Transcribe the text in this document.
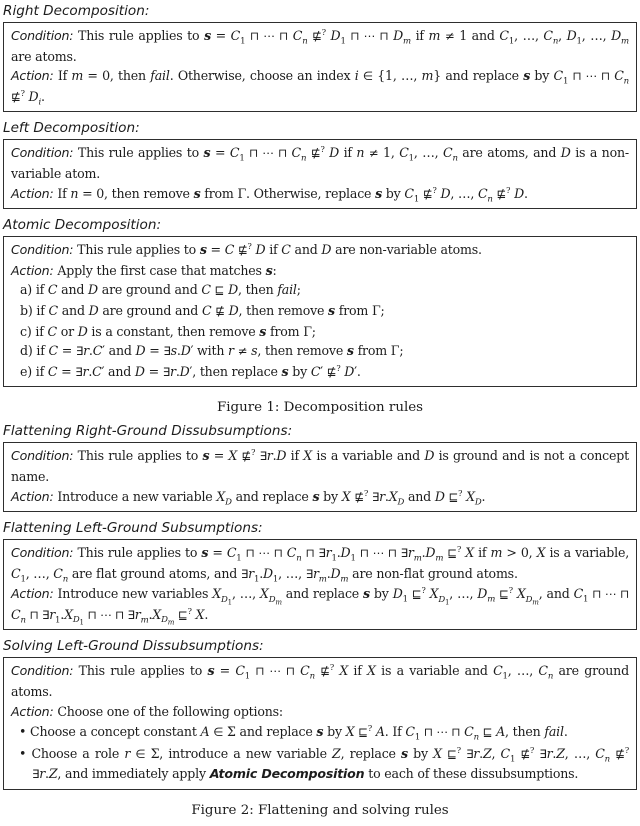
Right Decomposition:
Condition: This rule applies to $s = C_1$ ⊓ ⋯ ⊓ $C_n$ ⋢? $D_1$ ⊓ ⋯ ⊓ $D_m$ if m ≠ 1 and $C_1$, …, $C_n$, $D_1$, …, $D_m$ are atoms.
Action: If m = 0, then fail. Otherwise, choose an index i ∈ {1, …, m} and replace s by $C_1$ ⊓ ⋯ ⊓ $C_n$ ⋢? $D_i$.
Left Decomposition:
Condition: This rule applies to $s = C_1$ ⊓ ⋯ ⊓ $C_n$ ⋢? D if n ≠ 1, $C_1$, …, $C_n$ are atoms, and D is a non-variable atom.
Action: If n = 0, then remove s from Γ. Otherwise, replace s by $C_1$ ⋢? D, …, $C_n$ ⋢? D.
Atomic Decomposition:
Condition: This rule applies to s = C ⋢? D if C and D are non-variable atoms.
Action: Apply the first case that matches s:
a) if C and D are ground and C ⊑ D, then fail;
b) if C and D are ground and C ⋢ D, then remove s from Γ;
c) if C or D is a constant, then remove s from Γ;
d) if C = ∃r.C′ and D = ∃s.D′ with r ≠ s, then remove s from Γ;
e) if C = ∃r.C′ and D = ∃r.D′, then replace s by C′ ⋢? D′.
Figure 1: Decomposition rules
Flattening Right-Ground Dissubsumptions:
Condition: This rule applies to s = X ⋢? ∃r.D if X is a variable and D is ground and is not a concept name.
Action: Introduce a new variable $X_D$ and replace s by X ⋢? $\exists r.X_D$ and D ⊑? $X_D$.
Flattening Left-Ground Subsumptions:
Condition: This rule applies to $s = C_1$ ⊓ ⋯ ⊓ $C_n$ ⊓ $\exists r_1.D_1$ ⊓ ⋯ ⊓ $\exists r_m.D_m$ ⊑? X if m > 0, X is a variable, $C_1$, …, $C_n$ are flat ground atoms, and $\exists r_1.D_1$, …, $\exists r_m.D_m$ are non-flat ground atoms.
Action: Introduce new variables $X_{D_1}$, …, $X_{D_m}$ and replace s by $D_1$ ⊑? $X_{D_1}$, …, $D_m$ ⊑? $X_{D_m}$, and $C_1$ ⊓ ⋯ ⊓ $C_n$ ⊓ $\exists r_1.X_{D_1}$ ⊓ ⋯ ⊓ $\exists r_m.X_{D_m}$ ⊑? X.
Solving Left-Ground Dissubsumptions:
Condition: This rule applies to $s = C_1$ ⊓ ⋯ ⊓ $C_n$ ⋢? X if X is a variable and $C_1$, …, $C_n$ are ground atoms.
Action: Choose one of the following options:
• Choose a concept constant A ∈ Σ and replace s by X ⊑? A. If $C_1$ ⊓ ⋯ ⊓ $C_n$ ⊑ A, then fail.
• Choose a role r ∈ Σ, introduce a new variable Z, replace s by X ⊑? ∃r.Z, $C_1$ ⋢? ∃r.Z, …, $C_n$ ⋢? ∃r.Z, and immediately apply Atomic Decomposition to each of these dissubsumptions.
Figure 2: Flattening and solving rules
